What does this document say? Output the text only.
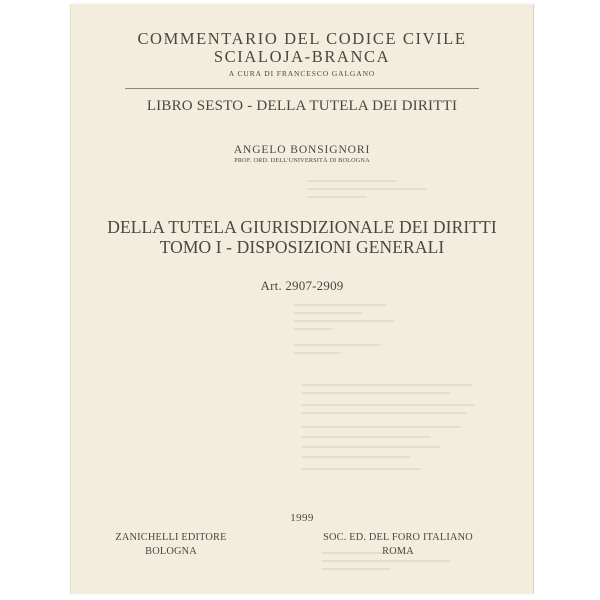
COMMENTARIO DEL CODICE CIVILE
SCIALOJA-BRANCA
A CURA DI FRANCESCO GALGANO
LIBRO SESTO - DELLA TUTELA DEI DIRITTI
ANGELO BONSIGNORI
PROF. ORD. DELL'UNIVERSITÀ DI BOLOGNA
DELLA TUTELA GIURISDIZIONALE DEI DIRITTI
TOMO I - DISPOSIZIONI GENERALI
Art. 2907-2909
1999
ZANICHELLI EDITORE
BOLOGNA
SOC. ED. DEL FORO ITALIANO
ROMA
